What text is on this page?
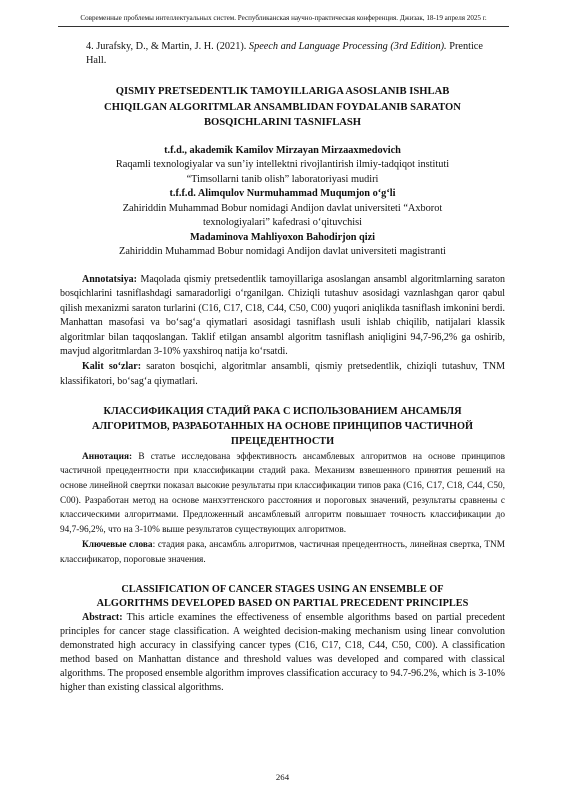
Современные проблемы интеллектуальных систем. Республиканская научно-практическая конференция. Джизак, 18-19 апреля 2025 г.

4. Jurafsky, D., & Martin, J. H. (2021). Speech and Language Processing (3rd Edition). Prentice Hall.

QISMIY PRETSEDENTLIK TAMOYILLARIGA ASOSLANIB ISHLAB

CHIQILGAN ALGORITMLAR ANSAMBLIDAN FOYDALANIB SARATON

BOSQICHLARINI TASNIFLASH

t.f.d., akademik Kamilov Mirzayan Mirzaaxmedovich

Raqamli texnologiyalar va sun’iy intellektni rivojlantirish ilmiy-tadqiqot instituti

“Timsollarni tanib olish” laboratoriyasi mudiri

t.f.f.d. Alimqulov Nurmuhammad Muqumjon o‘g‘li

Zahiriddin Muhammad Bobur nomidagi Andijon davlat universiteti “Axborot

texnologiyalari” kafedrasi o‘qituvchisi

Madaminova Mahliyoxon Bahodirjon qizi

Zahiriddin Muhammad Bobur nomidagi Andijon davlat universiteti magistranti

Annotatsiya: Maqolada qismiy pretsedentlik tamoyillariga asoslangan ansambl algoritmlarning saraton bosqichlarini tasniflashdagi samaradorligi o‘rganilgan. Chiziqli tutashuv asosidagi vaznlashgan qaror qabul qilish mexanizmi saraton turlarini (C16, C17, C18, C44, C50, C00) yuqori aniqlikda tasniflash imkonini berdi. Manhattan masofasi va bo‘sag‘a qiymatlari asosidagi tasniflash usuli ishlab chiqilib, natijalari klassik algoritmlar bilan taqqoslangan. Taklif etilgan ansambl algoritm tasniflash aniqligini 94,7-96,2% ga oshirib, mavjud algoritmlardan 3-10% yaxshiroq natija ko‘rsatdi.

Kalit so‘zlar: saraton bosqichi, algoritmlar ansambli, qismiy pretsedentlik, chiziqli tutashuv, TNM klassifikatori, bo‘sag‘a qiymatlari.

КЛАССИФИКАЦИЯ СТАДИЙ РАКА С ИСПОЛЬЗОВАНИЕМ АНСАМБЛЯ

АЛГОРИТМОВ, РАЗРАБОТАННЫХ НА ОСНОВЕ ПРИНЦИПОВ ЧАСТИЧНОЙ

ПРЕЦЕДЕНТНОСТИ

Аннотация: В статье исследована эффективность ансамблевых алгоритмов на основе принципов частичной прецедентности при классификации стадий рака. Механизм взвешенного принятия решений на основе линейной свертки показал высокие результаты при классификации типов рака (C16, C17, C18, C44, C50, C00). Разработан метод на основе манхэттенского расстояния и пороговых значений, результаты сравнены с классическими алгоритмами. Предложенный ансамблевый алгоритм повышает точность классификации до 94,7-96,2%, что на 3-10% выше результатов существующих алгоритмов.

Ключевые слова: стадия рака, ансамбль алгоритмов, частичная прецедентность, линейная свертка, TNM классификатор, пороговые значения.

CLASSIFICATION OF CANCER STAGES USING AN ENSEMBLE OF

ALGORITHMS DEVELOPED BASED ON PARTIAL PRECEDENT PRINCIPLES

Abstract: This article examines the effectiveness of ensemble algorithms based on partial precedent principles for cancer stage classification. A weighted decision-making mechanism using linear convolution demonstrated high accuracy in classifying cancer types (C16, C17, C18, C44, C50, C00). A classification method based on Manhattan distance and threshold values was developed and compared with classical algorithms. The proposed ensemble algorithm improves classification accuracy to 94.7-96.2%, which is 3-10% higher than existing classical algorithms.

264
